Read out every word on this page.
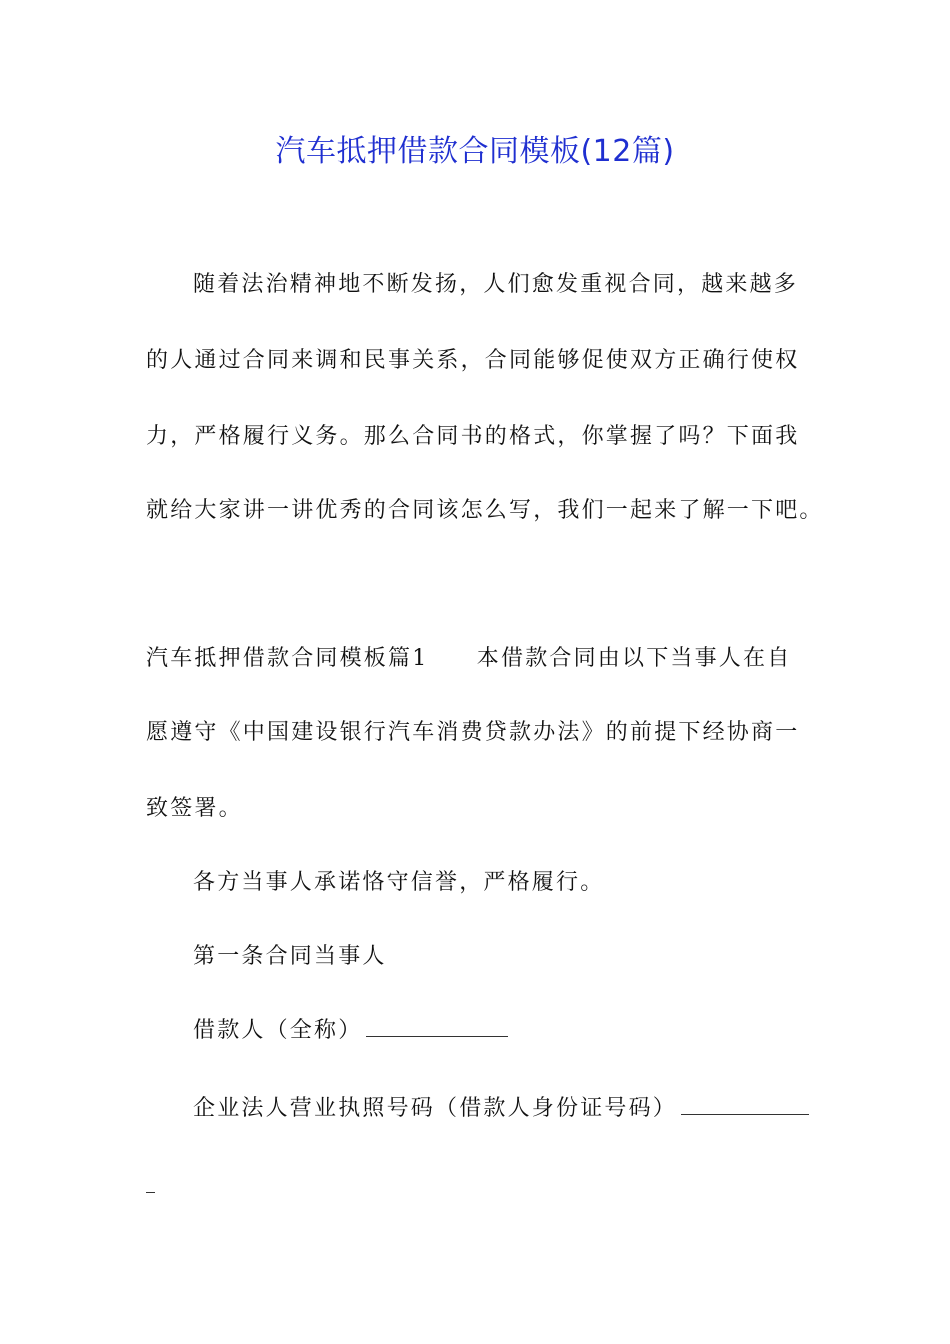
汽车抵押借款合同模板(12篇)

随着法治精神地不断发扬，人们愈发重视合同，越来越多

的人通过合同来调和民事关系，合同能够促使双方正确行使权

力，严格履行义务。那么合同书的格式，你掌握了吗？下面我

就给大家讲一讲优秀的合同该怎么写，我们一起来了解一下吧。

汽车抵押借款合同模板篇1　　本借款合同由以下当事人在自

愿遵守《中国建设银行汽车消费贷款办法》的前提下经协商一

致签署。

各方当事人承诺恪守信誉，严格履行。

第一条合同当事人

借款人（全称）

企业法人营业执照号码（借款人身份证号码）
